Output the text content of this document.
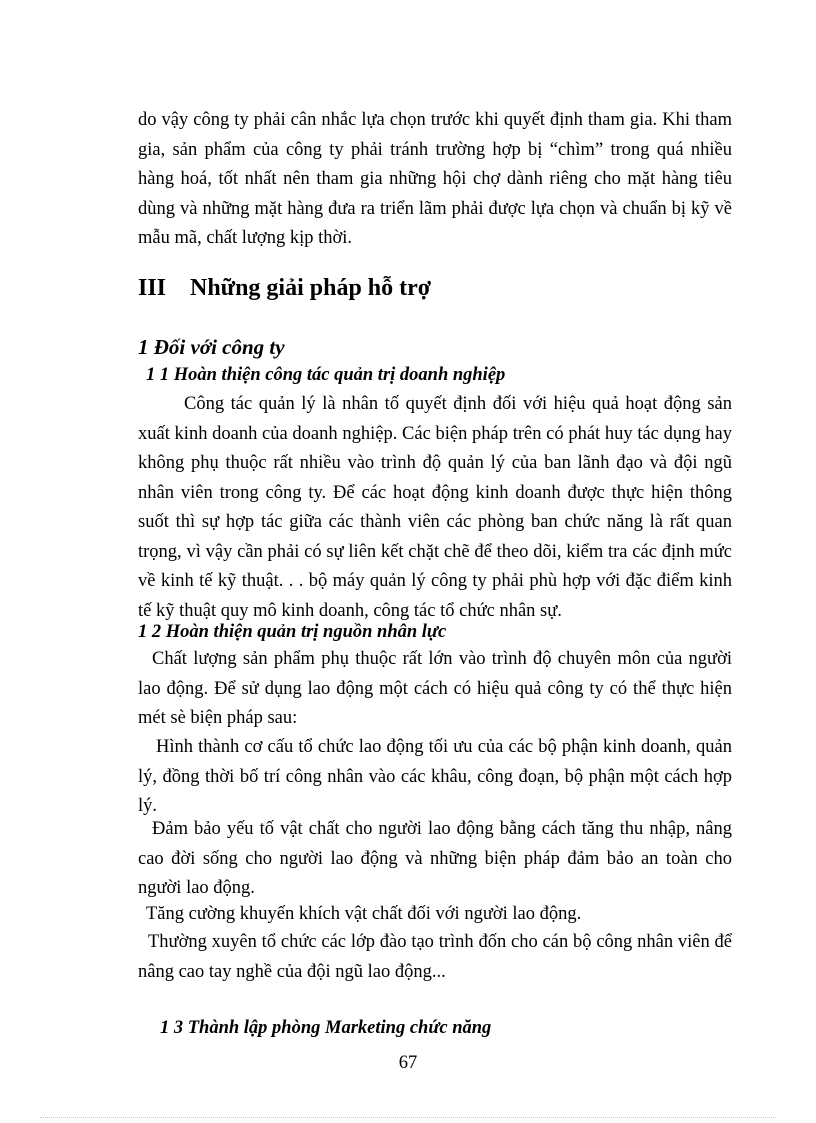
do vậy công ty phải cân nhắc lựa chọn trước khi quyết định tham gia. Khi tham gia, sản phẩm của công ty phải tránh trường hợp bị “chìm” trong quá nhiều hàng hoá, tốt nhất nên tham gia những hội chợ dành riêng cho mặt hàng tiêu dùng và những mặt hàng đưa ra triển lãm phải được lựa chọn và chuẩn bị kỹ về mẫu mã, chất lượng kịp thời.

III Những giải pháp hỗ trợ
1 Đối với công ty
1 1 Hoàn thiện công tác quản trị doanh nghiệp

Công tác quản lý là nhân tố quyết định đối với hiệu quả hoạt động sản xuất kinh doanh của doanh nghiệp. Các biện pháp trên có phát huy tác dụng hay không phụ thuộc rất nhiều vào trình độ quản lý của ban lãnh đạo và đội ngũ nhân viên trong công ty. Để các hoạt động kinh doanh được thực hiện thông suốt thì sự hợp tác giữa các thành viên các phòng ban chức năng là rất quan trọng, vì vậy cần phải có sự liên kết chặt chẽ để theo dõi, kiểm tra các định mức về kinh tế kỹ thuật. . . bộ máy quản lý công ty phải phù hợp với đặc điểm kinh tế kỹ thuật quy mô kinh doanh, công tác tổ chức nhân sự.

1 2 Hoàn thiện quản trị nguồn nhân lực

Chất lượng sản phẩm phụ thuộc rất lớn vào trình độ chuyên môn của người lao động. Để sử dụng lao động một cách có hiệu quả công ty có thể thực hiện mét sè biện pháp sau:

Hình thành cơ cấu tổ chức lao động tối ưu của các bộ phận kinh doanh, quản lý, đồng thời bố trí công nhân vào các khâu, công đoạn, bộ phận một cách hợp lý.

Đảm bảo yếu tố vật chất cho người lao động bằng cách tăng thu nhập, nâng cao đời sống cho người lao động và những biện pháp đảm bảo an toàn cho người lao động.

Tăng cường khuyến khích vật chất đối với người lao động.

Thường xuyên tổ chức các lớp đào tạo trình đốn cho cán bộ công nhân viên để nâng cao tay nghề của đội ngũ lao động...

1 3 Thành lập phòng Marketing chức năng

67
